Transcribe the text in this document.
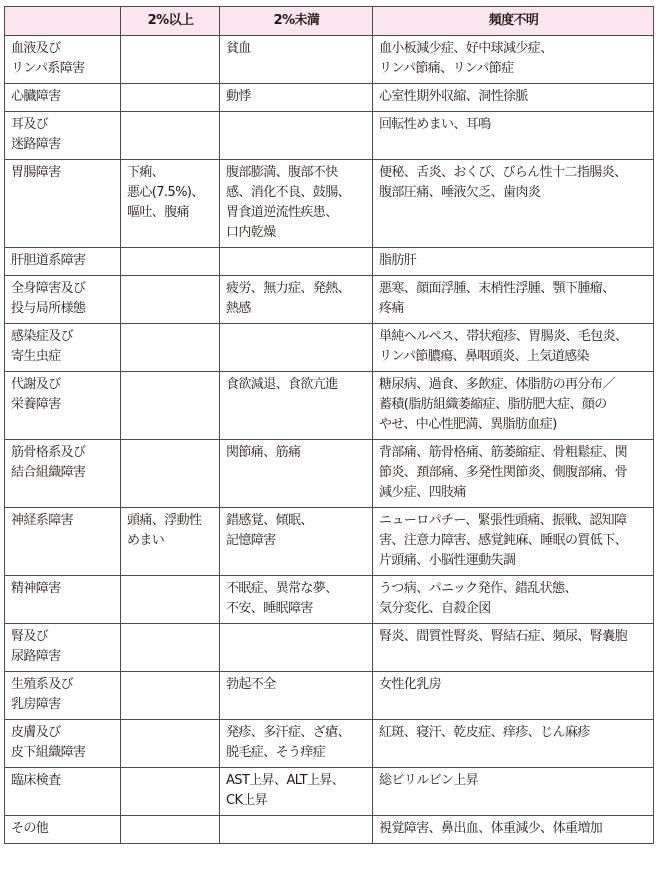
	2%以上	2%未満	頻度不明
血液及び
リンパ系障害		貧血	血小板減少症、好中球減少症、
リンパ節痛、リンパ節症
心臓障害		動悸	心室性期外収縮、洞性徐脈
耳及び
迷路障害			回転性めまい、耳鳴
胃腸障害	下痢、
悪心(7.5%)、
嘔吐、腹痛	腹部膨満、腹部不快
感、消化不良、鼓腸、
胃食道逆流性疾患、
口内乾燥	便秘、舌炎、おくび、びらん性十二指腸炎、
腹部圧痛、唾液欠乏、歯肉炎
肝胆道系障害			脂肪肝
全身障害及び
投与局所様態		疲労、無力症、発熱、
熱感	悪寒、顔面浮腫、末梢性浮腫、顎下腫瘤、
疼痛
感染症及び
寄生虫症			単純ヘルペス、帯状疱疹、胃腸炎、毛包炎、
リンパ節膿瘍、鼻咽頭炎、上気道感染
代謝及び
栄養障害		食欲減退、食欲亢進	糖尿病、過食、多飲症、体脂肪の再分布／
蓄積(脂肪組織萎縮症、脂肪肥大症、顔の
やせ、中心性肥満、異脂肪血症)
筋骨格系及び
結合組織障害		関節痛、筋痛	背部痛、筋骨格痛、筋萎縮症、骨粗鬆症、関
節炎、頚部痛、多発性関節炎、側腹部痛、骨
減少症、四肢痛
神経系障害	頭痛、浮動性
めまい	錯感覚、傾眠、
記憶障害	ニューロパチー、緊張性頭痛、振戦、認知障
害、注意力障害、感覚鈍麻、睡眠の質低下、
片頭痛、小脳性運動失調
精神障害		不眠症、異常な夢、
不安、睡眠障害	うつ病、パニック発作、錯乱状態、
気分変化、自殺企図
腎及び
尿路障害			腎炎、間質性腎炎、腎結石症、頻尿、腎嚢胞
生殖系及び
乳房障害		勃起不全	女性化乳房
皮膚及び
皮下組織障害		発疹、多汗症、ざ瘡、
脱毛症、そう痒症	紅斑、寝汗、乾皮症、痒疹、じん麻疹
臨床検査		AST上昇、ALT上昇、
CK上昇	総ビリルビン上昇
その他			視覚障害、鼻出血、体重減少、体重増加
